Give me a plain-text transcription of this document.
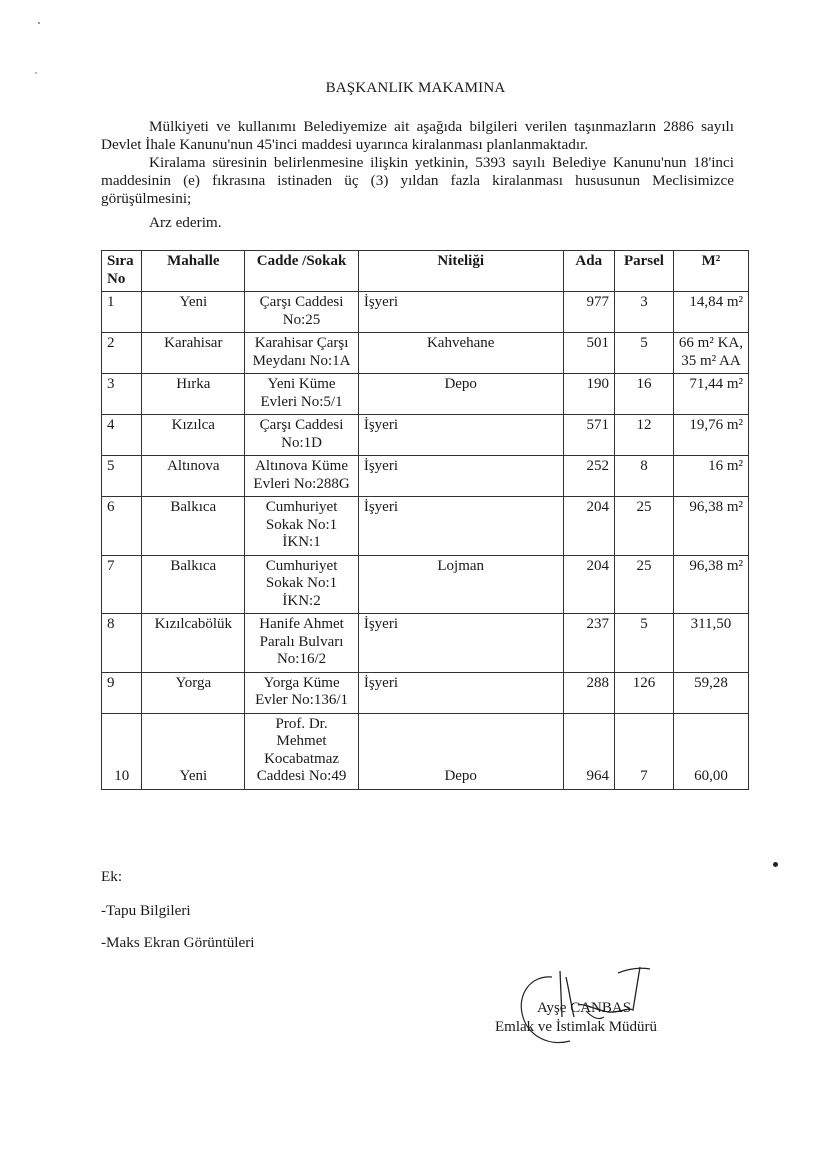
BAŞKANLIK MAKAMINA

Mülkiyeti ve kullanımı Belediyemize ait aşağıda bilgileri verilen taşınmazların 2886 sayılı Devlet İhale Kanunu'nun 45'inci maddesi uyarınca kiralanması planlanmaktadır.

Kiralama süresinin belirlenmesine ilişkin yetkinin, 5393 sayılı Belediye Kanunu'nun 18'inci maddesinin (e) fıkrasına istinaden üç (3) yıldan fazla kiralanması hususunun Meclisimizce görüşülmesini;

Arz ederim.
Sıra
No	Mahalle	Cadde /Sokak	Niteliği	Ada	Parsel	M²
1	Yeni	Çarşı Caddesi No:25	İşyeri	977	3	14,84 m²
2	Karahisar	Karahisar Çarşı Meydanı No:1A	Kahvehane	501	5	66 m² KA, 35 m² AA
3	Hırka	Yeni Küme Evleri No:5/1	Depo	190	16	71,44 m²
4	Kızılca	Çarşı Caddesi No:1D	İşyeri	571	12	19,76 m²
5	Altınova	Altınova Küme Evleri No:288G	İşyeri	252	8	16 m²
6	Balkıca	Cumhuriyet Sokak No:1 İKN:1	İşyeri	204	25	96,38 m²
7	Balkıca	Cumhuriyet Sokak No:1 İKN:2	Lojman	204	25	96,38 m²
8	Kızılcabölük	Hanife Ahmet Paralı Bulvarı No:16/2	İşyeri	237	5	311,50
9	Yorga	Yorga Küme Evler No:136/1	İşyeri	288	126	59,28
10	Yeni	Prof. Dr. Mehmet Kocabatmaz Caddesi No:49	Depo	964	7	60,00
Ek:
-Tapu Bilgileri
-Maks Ekran Görüntüleri
Ayşe CANBAS
Emlak ve İstimlak Müdürü
